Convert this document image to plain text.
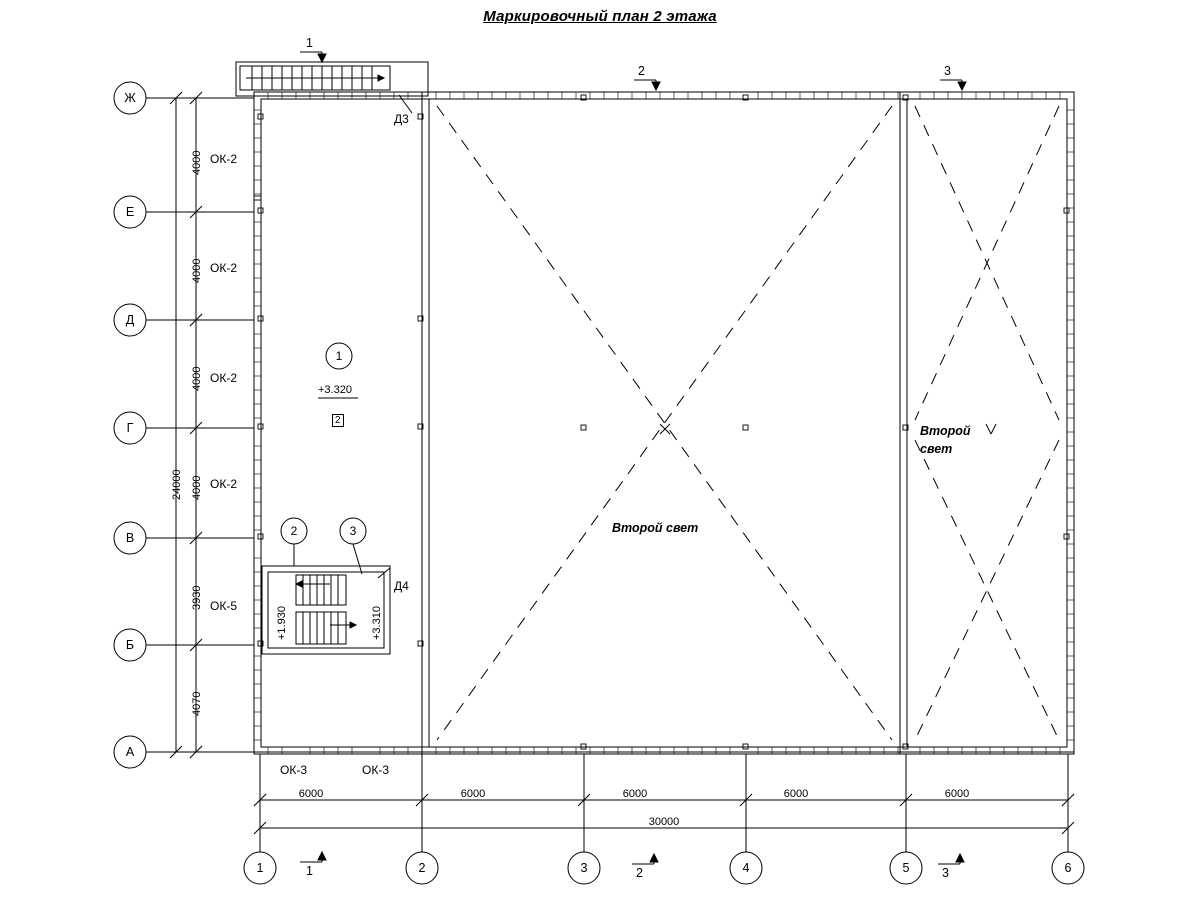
Маркировочный план 2 этажа
Ж
Е
Д
Г
В
Б
А
1	2	3	4	5	6
4000
4000
4000
4000
3930
4070
24000
6000	6000	6000	6000	6000
30000
ОК-2
ОК-2
ОК-2
ОК-2
ОК-5
ОК-3	ОК-3
Д3
Д4
+3.320
+1.930	+3.310
1
2	3
2
1
2	3
1	2	3
Второй свет
Второй
свет
